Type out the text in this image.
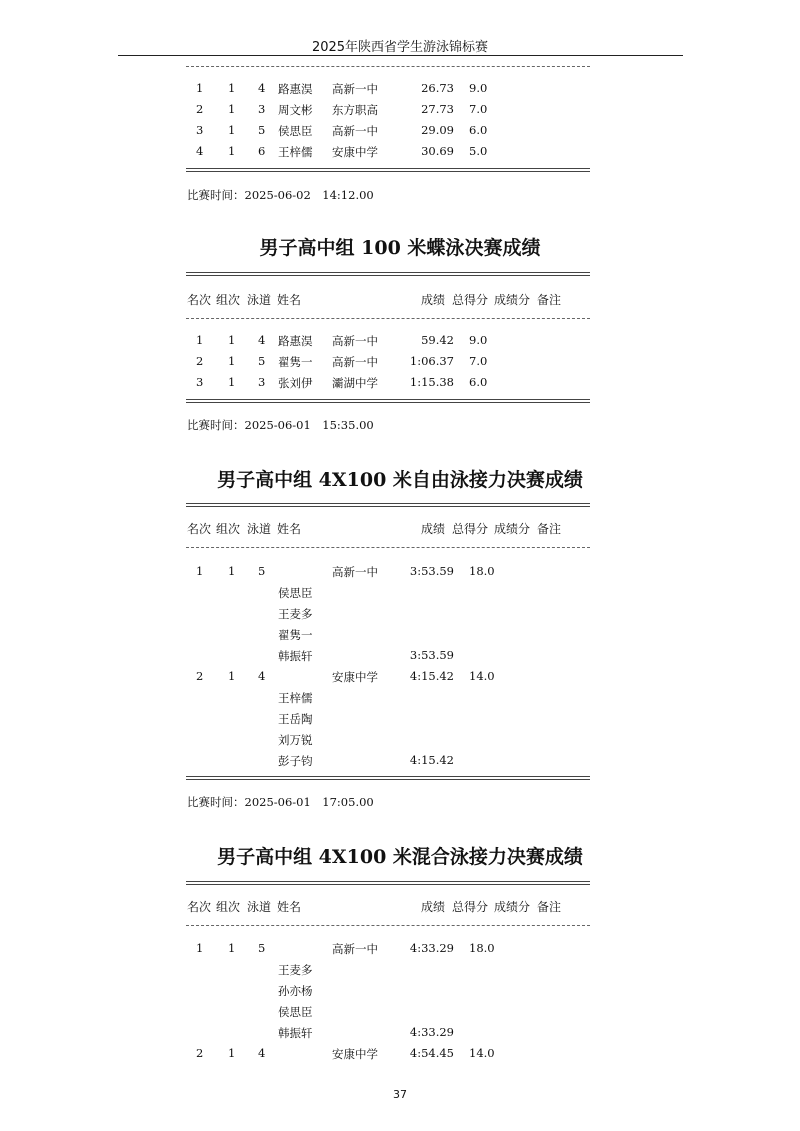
2025年陕西省学生游泳锦标赛
1 1 4 路惠淏 高新一中	26.73 9.0
2 1 3 周文彬 东方职高	27.73 7.0
3 1 5 侯思臣 高新一中	29.09 6.0
4 1 6 王梓儒 安康中学	30.69 5.0
比赛时间：2025-06-02　14:12.00
男子高中组 100 米蝶泳决赛成绩
名次 组次 泳道 姓名	成绩 总得分 成绩分 备注
1 1 4 路惠淏 高新一中	59.42 9.0
2 1 5 翟隽一 高新一中	1:06.37 7.0
3 1 3 张刘伊 灞湖中学	1:15.38 6.0
比赛时间：2025-06-01　15:35.00
男子高中组 4X100 米自由泳接力决赛成绩
名次 组次 泳道 姓名	成绩 总得分 成绩分 备注
1 1 5	高新一中	3:53.59 18.0
侯思臣
王麦多
翟隽一
韩振轩	3:53.59
2 1 4	安康中学	4:15.42 14.0
王梓儒
王岳陶
刘万锐
彭子钧	4:15.42
比赛时间：2025-06-01　17:05.00
男子高中组 4X100 米混合泳接力决赛成绩
名次 组次 泳道 姓名	成绩 总得分 成绩分 备注
1 1 5	高新一中	4:33.29 18.0
王麦多
孙亦杨
侯思臣
韩振轩	4:33.29
2 1 4	安康中学	4:54.45 14.0
37
